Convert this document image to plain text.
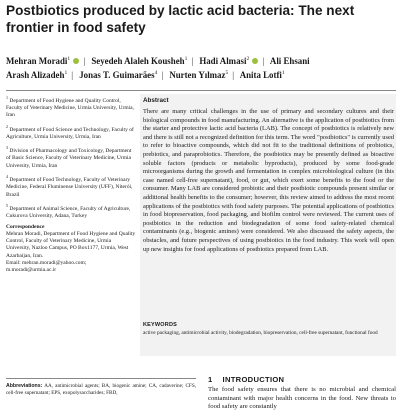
Postbiotics produced by lactic acid bacteria: The next frontier in food safety
Mehran Moradi$^1$ | Seyedeh Alaleh Kousheh$^1$ | Hadi Almasi$^2$ | Ali Ehsani
Arash Alizadeh$^1$ | Jonas T. Guimarães$^4$ | Nurten Yılmaz$^5$ | Anita Lotfi$^1$
$^1$ Department of Food Hygiene and Quality Control, Faculty of Veterinary Medicine, Urmia University, Urmia, Iran
$^2$ Department of Food Science and Technology, Faculty of Agriculture, Urmia University, Urmia, Iran
$^3$ Division of Pharmacology and Toxicology, Department of Basic Science, Faculty of Veterinary Medicine, Urmia University, Urmia, Iran
$^4$ Department of Food Technology, Faculty of Veterinary Medicine, Federal Fluminense University (UFF), Niterói, Brazil
$^5$ Department of Animal Science, Faculty of Agriculture, Cukurova University, Adana, Turkey
Correspondence
Mehran Moradi, Department of Food Hygiene and Quality Control, Faculty of Veterinary Medicine, Urmia University, Nazloo Campus, PO Box1177, Urmia, West Azarbaijan, Iran.
Email: mehran.moradi@yahoo.com; m.moradi@urmia.ac.ir
Abstract

There are many critical challenges in the use of primary and secondary cultures and their biological compounds in food manufacturing. An alternative is the application of postbiotics from the starter and protective lactic acid bacteria (LAB). The concept of postbiotics is relatively new and there is still not a recognized definition for this term. The word "postbiotics" is currently used to refer to bioactive compounds, which did not fit to the traditional definitions of probiotics, prebiotics, and paraprobiotics. Therefore, the postbiotics may be presently defined as bioactive soluble factors (products or metabolic byproducts), produced by some food-grade microorganisms during the growth and fermentation in complex microbiological culture (in this case named cell-free supernatant), food, or gut, which exert some benefits to the food or the consumer. Many LAB are considered probiotic and their postbiotic compounds present similar or additional health benefits to the consumer; however, this review aimed to address the most recent applications of the postbiotics with food safety purposes. The potential applications of postbiotics in food biopreservation, food packaging, and biofilm control were reviewed. The current uses of postbiotics in the reduction and biodegradation of some food safety-related chemical contaminants (e.g., biogenic amines) were considered. We also discussed the safety aspects, the obstacles, and future perspectives of using postbiotics in the food industry. This work will open up new insights for food applications of postbiotics prepared from LAB.

KEYWORDS

active packaging, antimicrobial activity, biodegradation, biopreservation, cell-free supernatant, functional food

1 INTRODUCTION

The food safety ensures that there is no microbial and chemical contaminant with major health concerns in the food. New threats to food safety are constantly

Abbreviations: AA, antimicrobial agents; BA, biogenic amine; CA, cadaverine; CFS, cell-free supernatant; EPS, exopolysaccharides; FBD,
